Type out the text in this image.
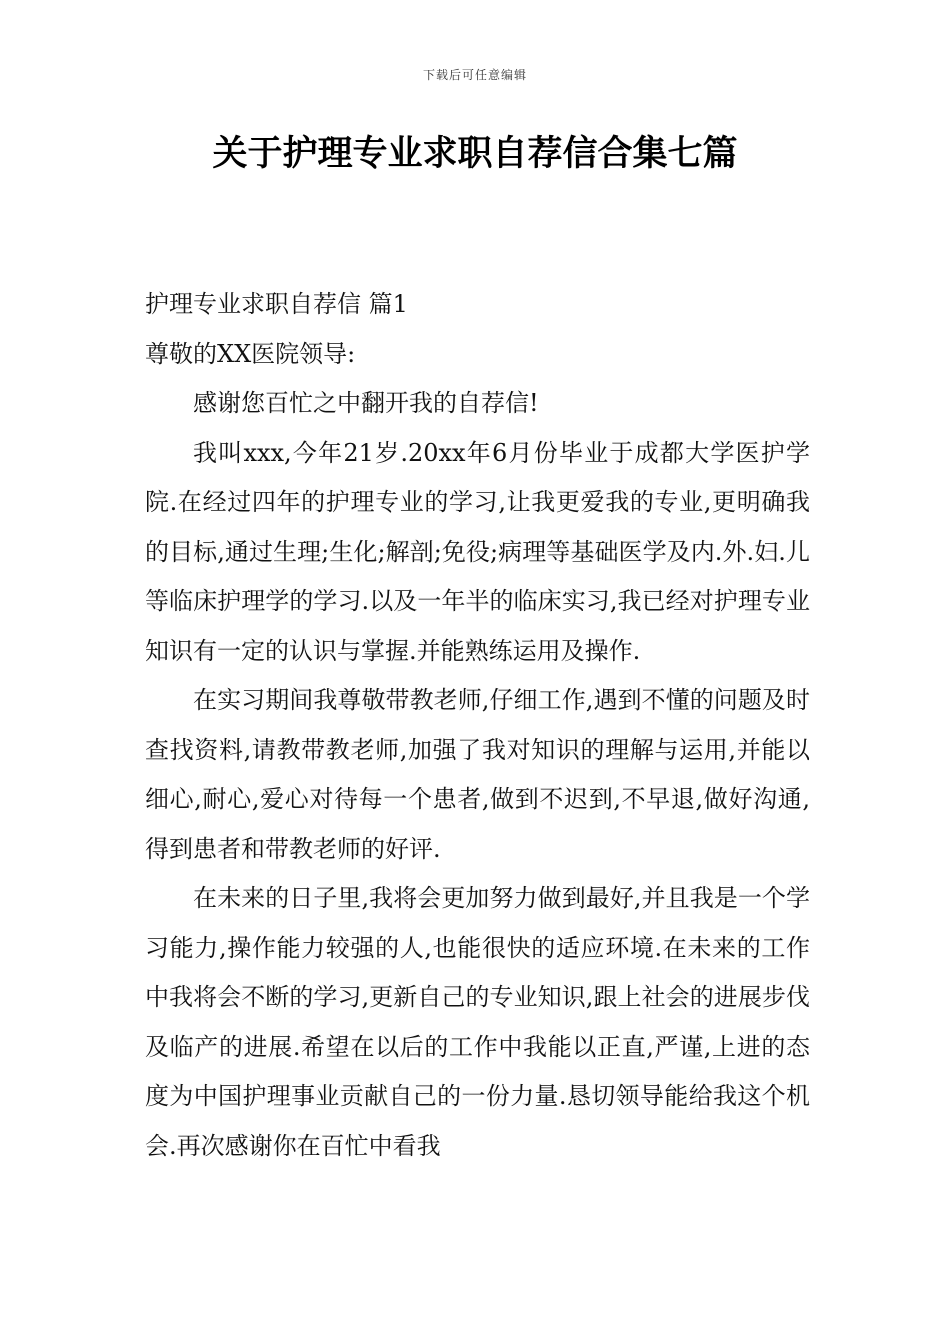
下载后可任意编辑
关于护理专业求职自荐信合集七篇

护理专业求职自荐信 篇1

尊敬的XX医院领导:

感谢您百忙之中翻开我的自荐信!

我叫xxx,今年21岁.20xx年6月份毕业于成都大学医护学院.在经过四年的护理专业的学习,让我更爱我的专业,更明确我的目标,通过生理;生化;解剖;免役;病理等基础医学及内.外.妇.儿等临床护理学的学习.以及一年半的临床实习,我已经对护理专业知识有一定的认识与掌握.并能熟练运用及操作.

在实习期间我尊敬带教老师,仔细工作,遇到不懂的问题及时查找资料,请教带教老师,加强了我对知识的理解与运用,并能以细心,耐心,爱心对待每一个患者,做到不迟到,不早退,做好沟通,得到患者和带教老师的好评.

在未来的日子里,我将会更加努力做到最好,并且我是一个学习能力,操作能力较强的人,也能很快的适应环境.在未来的工作中我将会不断的学习,更新自己的专业知识,跟上社会的进展步伐及临产的进展.希望在以后的工作中我能以正直,严谨,上进的态度为中国护理事业贡献自己的一份力量.恳切领导能给我这个机会.再次感谢你在百忙中看我
